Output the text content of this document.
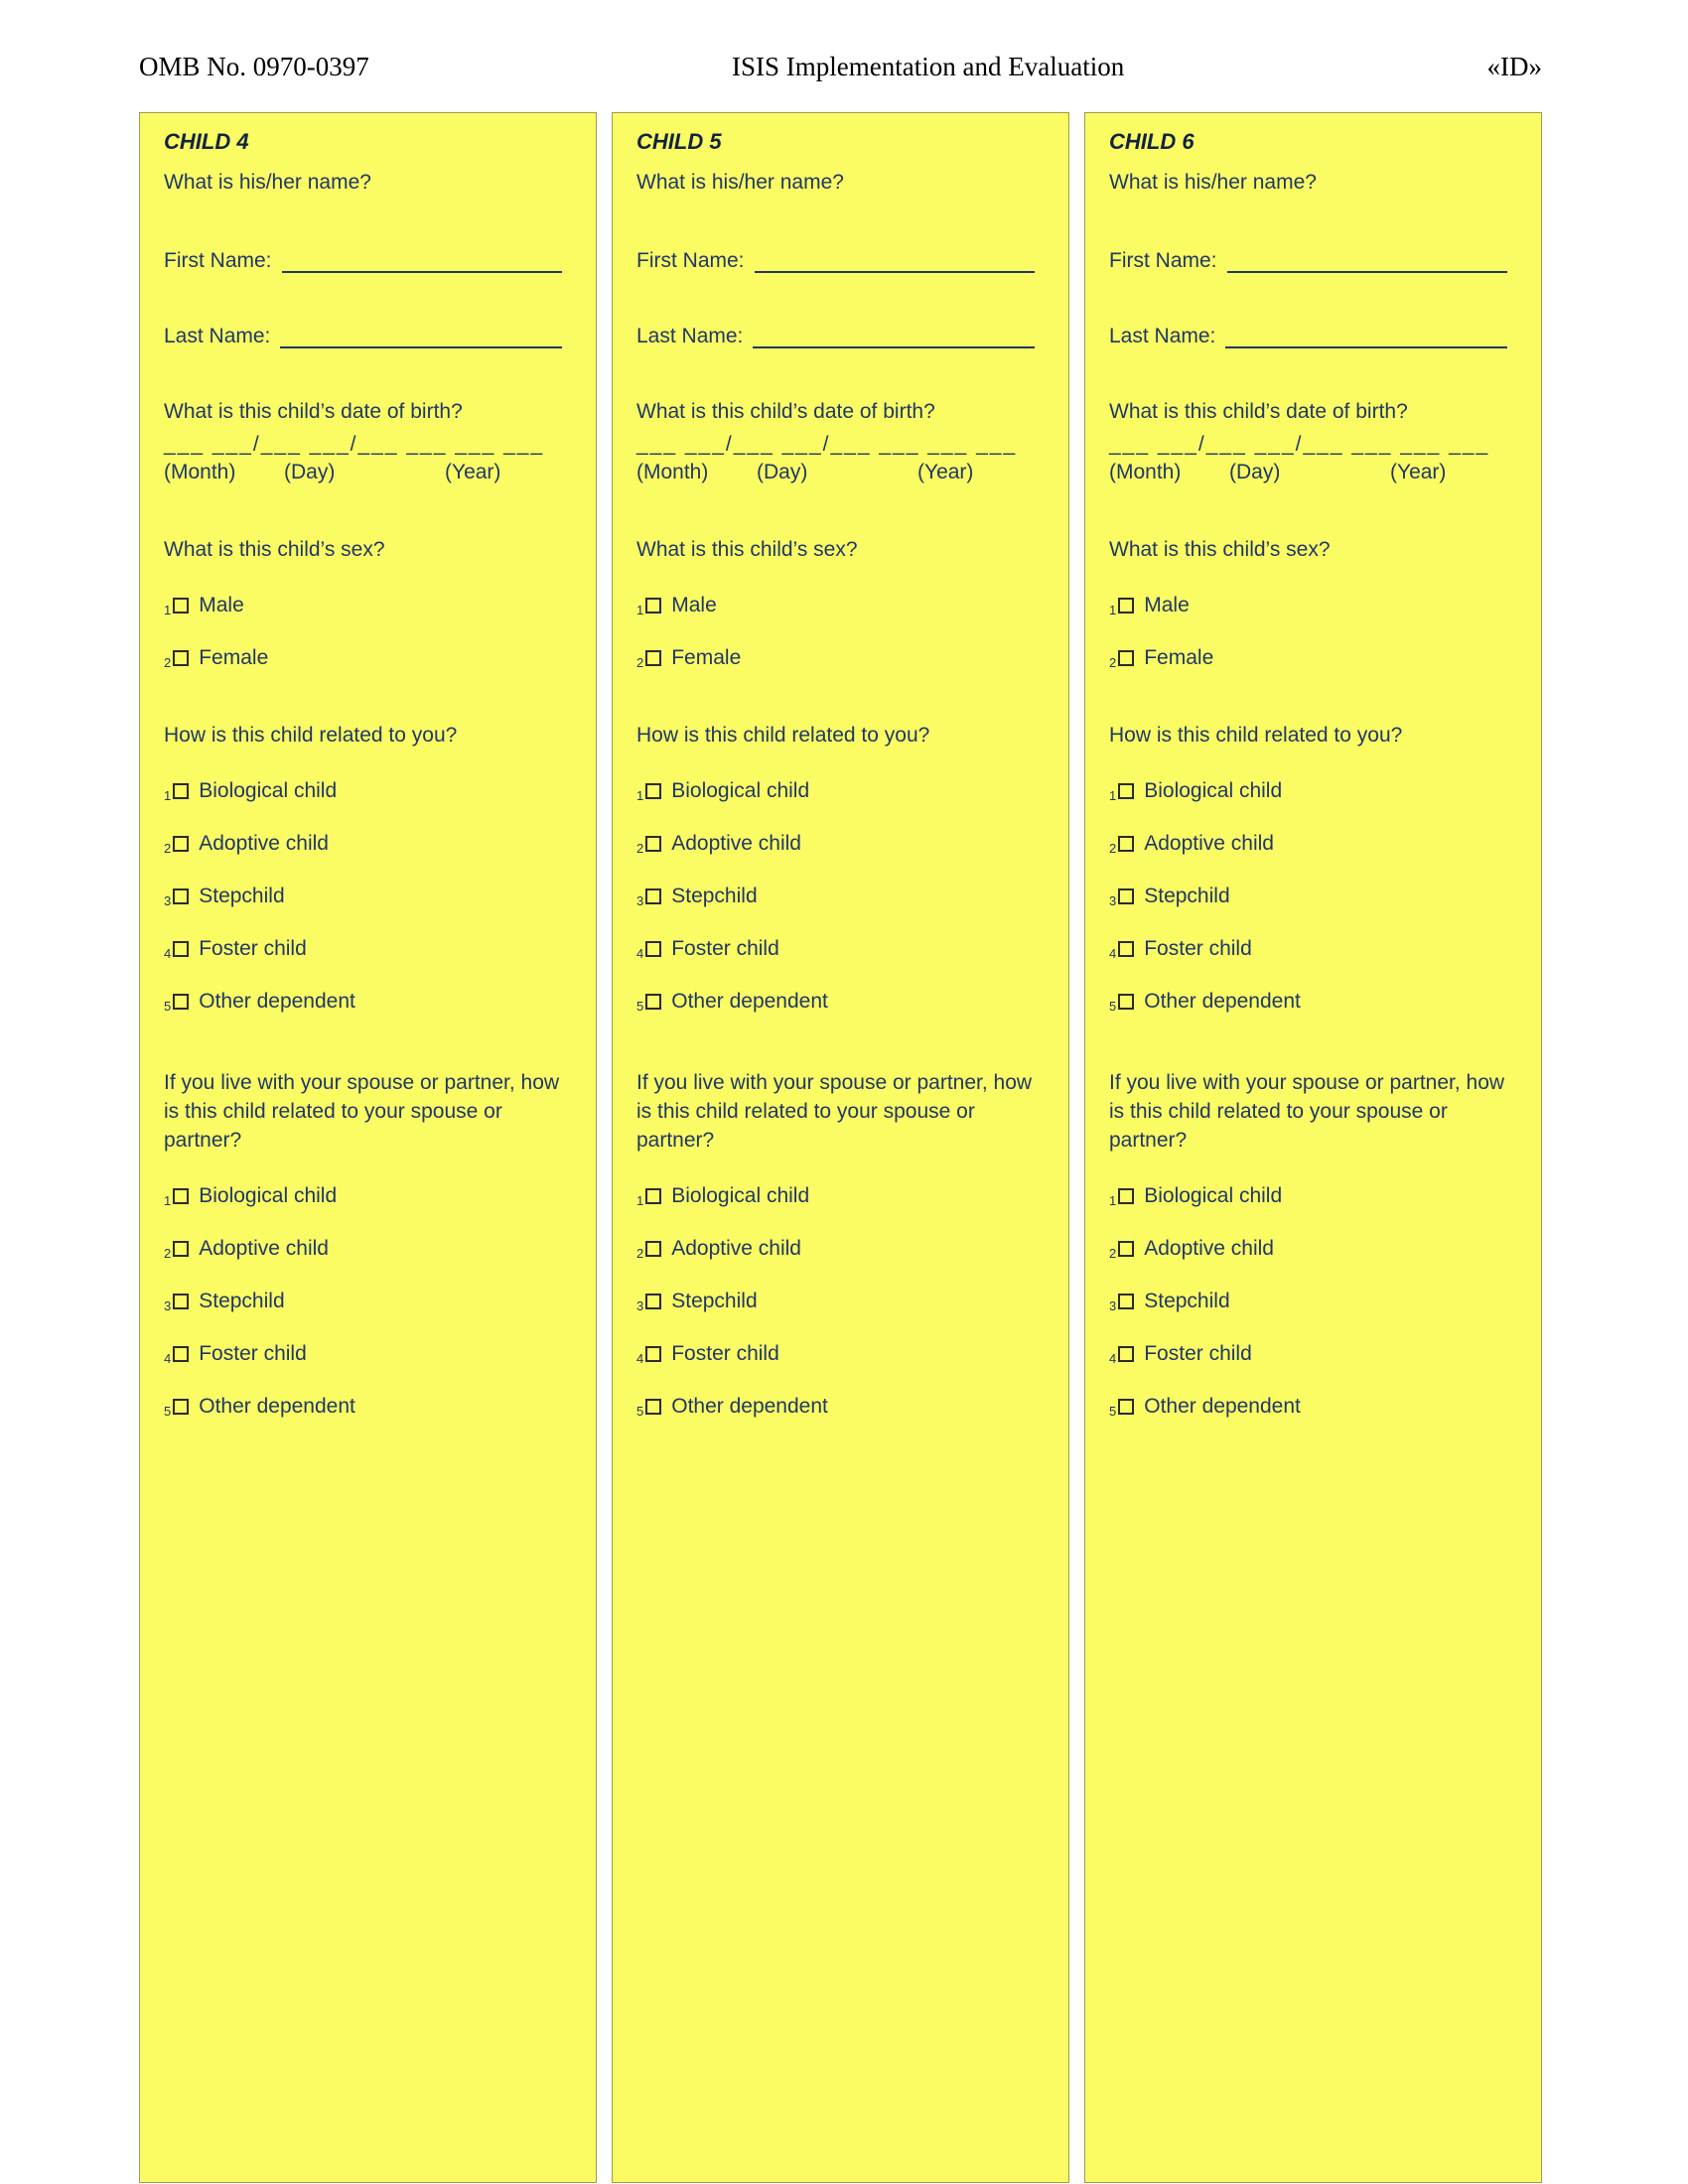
OMB No. 0970-0397	ISIS Implementation and Evaluation	«ID»
CHILD 4

What is his/her name?

First Name:

Last Name:

What is this child’s date of birth?

___ ___/___ ___/___ ___ ___ ___

(Month)	(Day)	(Year)

What is this child’s sex?

1 Male
2 Female

How is this child related to you?

1 Biological child
2 Adoptive child
3 Stepchild
4 Foster child
5 Other dependent

If you live with your spouse or partner, how is this child related to your spouse or partner?

1 Biological child
2 Adoptive child
3 Stepchild
4 Foster child
5 Other dependent
CHILD 5

What is his/her name?

First Name:

Last Name:

What is this child’s date of birth?

___ ___/___ ___/___ ___ ___ ___

(Month)	(Day)	(Year)

What is this child’s sex?

1 Male
2 Female

How is this child related to you?

1 Biological child
2 Adoptive child
3 Stepchild
4 Foster child
5 Other dependent

If you live with your spouse or partner, how is this child related to your spouse or partner?

1 Biological child
2 Adoptive child
3 Stepchild
4 Foster child
5 Other dependent
CHILD 6

What is his/her name?

First Name:

Last Name:

What is this child’s date of birth?

___ ___/___ ___/___ ___ ___ ___

(Month)	(Day)	(Year)

What is this child’s sex?

1 Male
2 Female

How is this child related to you?

1 Biological child
2 Adoptive child
3 Stepchild
4 Foster child
5 Other dependent

If you live with your spouse or partner, how is this child related to your spouse or partner?

1 Biological child
2 Adoptive child
3 Stepchild
4 Foster child
5 Other dependent
